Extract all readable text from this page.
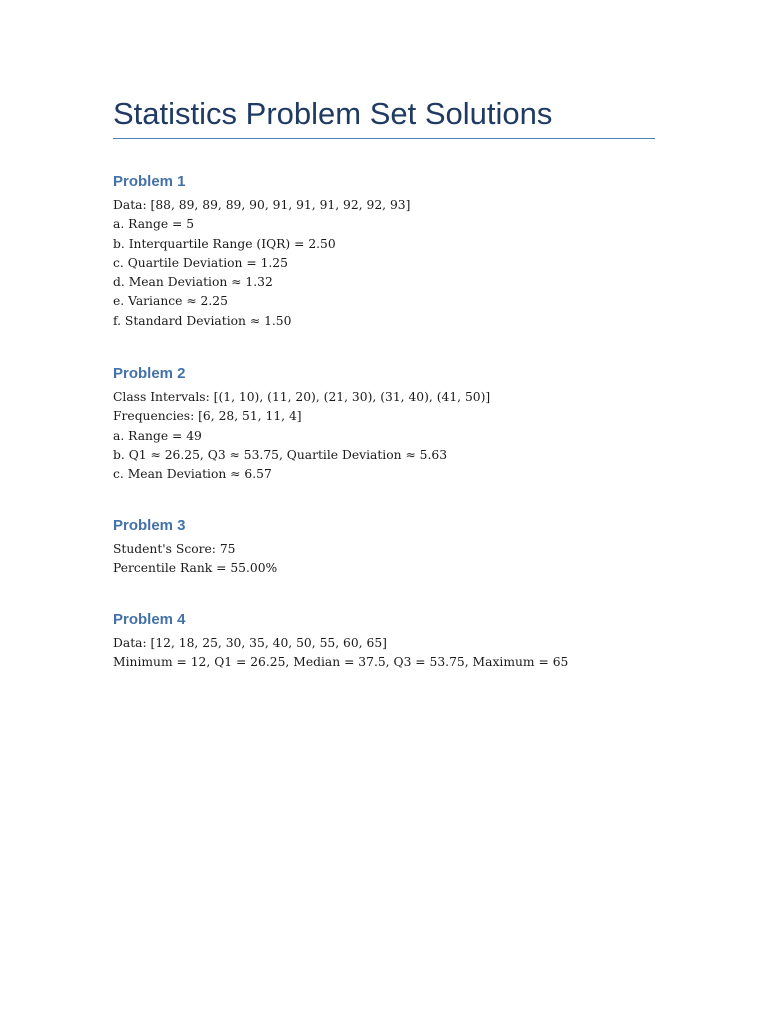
Statistics Problem Set Solutions
Problem 1
Data: [88, 89, 89, 89, 90, 91, 91, 91, 92, 92, 93]
a. Range = 5
b. Interquartile Range (IQR) = 2.50
c. Quartile Deviation = 1.25
d. Mean Deviation ≈ 1.32
e. Variance ≈ 2.25
f. Standard Deviation ≈ 1.50
Problem 2
Class Intervals: [(1, 10), (11, 20), (21, 30), (31, 40), (41, 50)]
Frequencies: [6, 28, 51, 11, 4]
a. Range = 49
b. Q1 ≈ 26.25, Q3 ≈ 53.75, Quartile Deviation ≈ 5.63
c. Mean Deviation ≈ 6.57
Problem 3
Student's Score: 75
Percentile Rank = 55.00%
Problem 4
Data: [12, 18, 25, 30, 35, 40, 50, 55, 60, 65]
Minimum = 12, Q1 = 26.25, Median = 37.5, Q3 = 53.75, Maximum = 65
